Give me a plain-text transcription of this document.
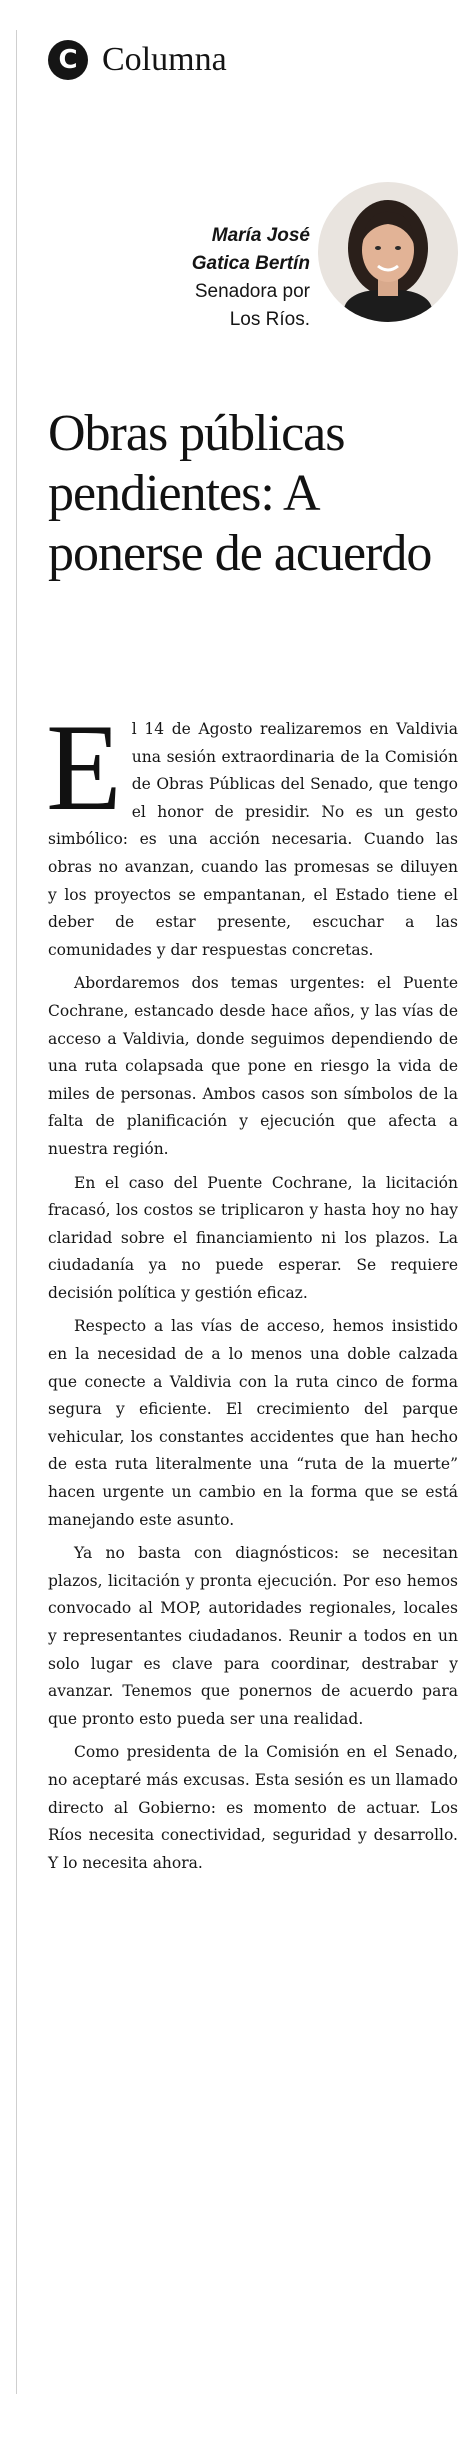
C Columna
María José
Gatica Bertín
Senadora por
Los Ríos.
Obras públicas pendientes: A ponerse de acuerdo

El 14 de Agosto realizaremos en Valdivia una sesión extraordinaria de la Comisión de Obras Públicas del Senado, que tengo el honor de presidir. No es un gesto simbólico: es una acción necesaria. Cuando las obras no avanzan, cuando las promesas se diluyen y los proyectos se empantanan, el Estado tiene el deber de estar presente, escuchar a las comunidades y dar respuestas concretas.

Abordaremos dos temas urgentes: el Puente Cochrane, estancado desde hace años, y las vías de acceso a Valdivia, donde seguimos dependiendo de una ruta colapsada que pone en riesgo la vida de miles de personas. Ambos casos son símbolos de la falta de planificación y ejecución que afecta a nuestra región.

En el caso del Puente Cochrane, la licitación fracasó, los costos se triplicaron y hasta hoy no hay claridad sobre el financiamiento ni los plazos. La ciudadanía ya no puede esperar. Se requiere decisión política y gestión eficaz.

Respecto a las vías de acceso, hemos insistido en la necesidad de a lo menos una doble calzada que conecte a Valdivia con la ruta cinco de forma segura y eficiente. El crecimiento del parque vehicular, los constantes accidentes que han hecho de esta ruta literalmente una “ruta de la muerte” hacen urgente un cambio en la forma que se está manejando este asunto.

Ya no basta con diagnósticos: se necesitan plazos, licitación y pronta ejecución. Por eso hemos convocado al MOP, autoridades regionales, locales y representantes ciudadanos. Reunir a todos en un solo lugar es clave para coordinar, destrabar y avanzar. Tenemos que ponernos de acuerdo para que pronto esto pueda ser una realidad.

Como presidenta de la Comisión en el Senado, no aceptaré más excusas. Esta sesión es un llamado directo al Gobierno: es momento de actuar. Los Ríos necesita conectividad, seguridad y desarrollo. Y lo necesita ahora.
